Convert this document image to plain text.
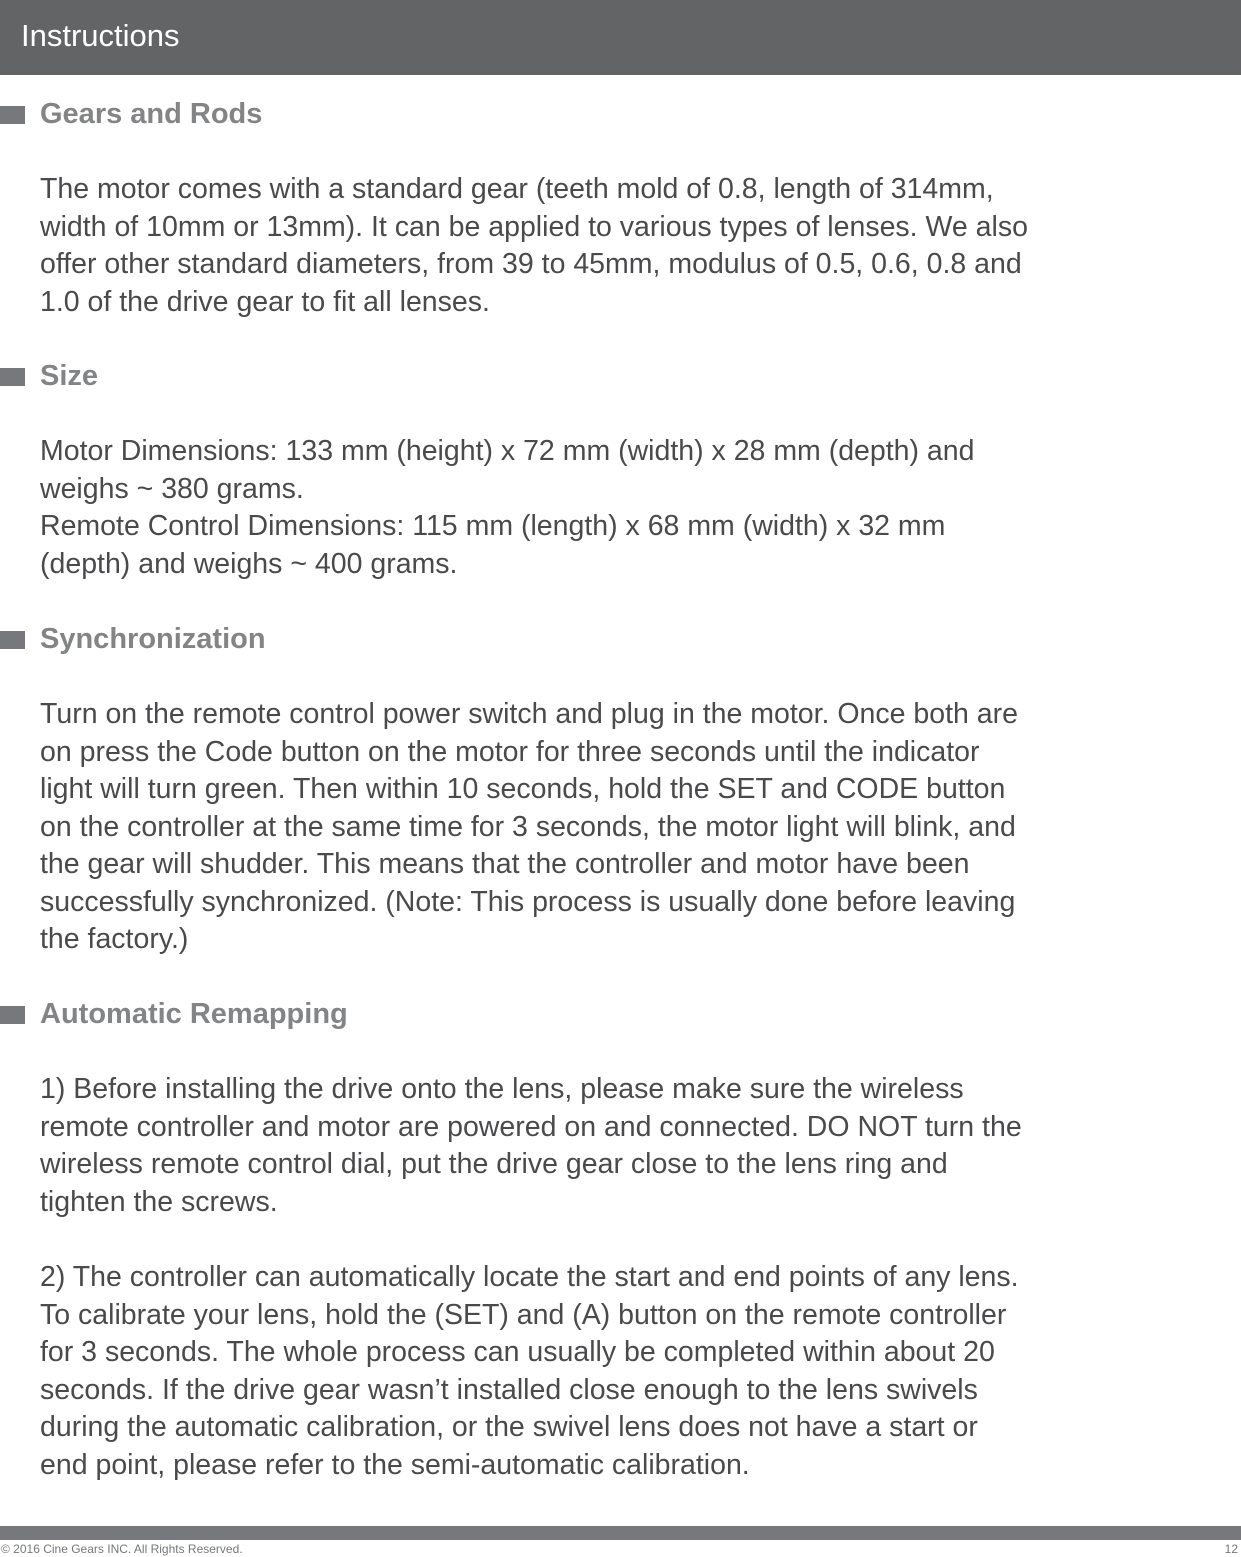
Instructions
Gears and Rods
The motor comes with a standard gear (teeth mold of 0.8, length of 314mm,
width of 10mm or 13mm). It can be applied to various types of lenses. We also
offer other standard diameters, from 39 to 45mm, modulus of 0.5, 0.6, 0.8 and
1.0 of the drive gear to fit all lenses.
Size
Motor Dimensions: 133 mm (height) x 72 mm (width) x 28 mm (depth) and
weighs ~ 380 grams.
Remote Control Dimensions: 115 mm (length) x 68 mm (width) x 32 mm
(depth) and weighs ~ 400 grams.
Synchronization
Turn on the remote control power switch and plug in the motor. Once both are
on press the Code button on the motor for three seconds until the indicator
light will turn green. Then within 10 seconds, hold the SET and CODE button
on the controller at the same time for 3 seconds, the motor light will blink, and
the gear will shudder. This means that the controller and motor have been
successfully synchronized. (Note: This process is usually done before leaving
the factory.)
Automatic Remapping
1) Before installing the drive onto the lens, please make sure the wireless
remote controller and motor are powered on and connected. DO NOT turn the
wireless remote control dial, put the drive gear close to the lens ring and
tighten the screws.
2) The controller can automatically locate the start and end points of any lens.
To calibrate your lens, hold the (SET) and (A) button on the remote controller
for 3 seconds. The whole process can usually be completed within about 20
seconds. If the drive gear wasn’t installed close enough to the lens swivels
during the automatic calibration, or the swivel lens does not have a start or
end point, please refer to the semi-automatic calibration.
© 2016 Cine Gears INC. All Rights Reserved.	12
